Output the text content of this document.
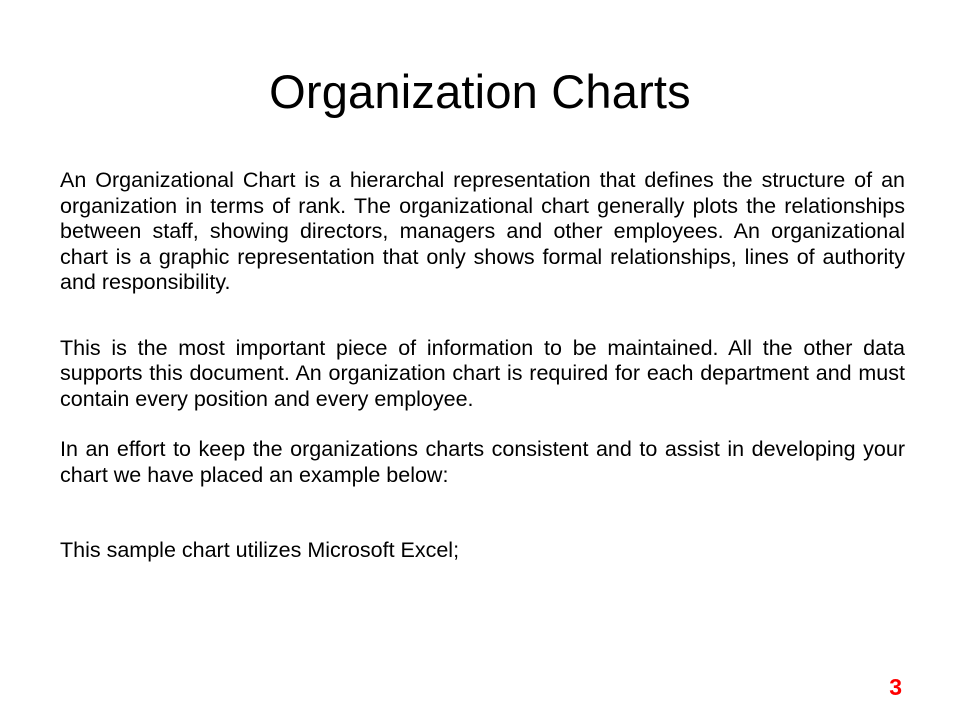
Organization Charts

An Organizational Chart is a hierarchal representation that defines the structure of an organization in terms of rank. The organizational chart generally plots the relationships between staff, showing directors, managers and other employees. An organizational chart is a graphic representation that only shows formal relationships, lines of authority and responsibility.

This is the most important piece of information to be maintained. All the other data supports this document. An organization chart is required for each department and must contain every position and every employee.

In an effort to keep the organizations charts consistent and to assist in developing your chart we have placed an example below:

This sample chart utilizes Microsoft Excel;

3
